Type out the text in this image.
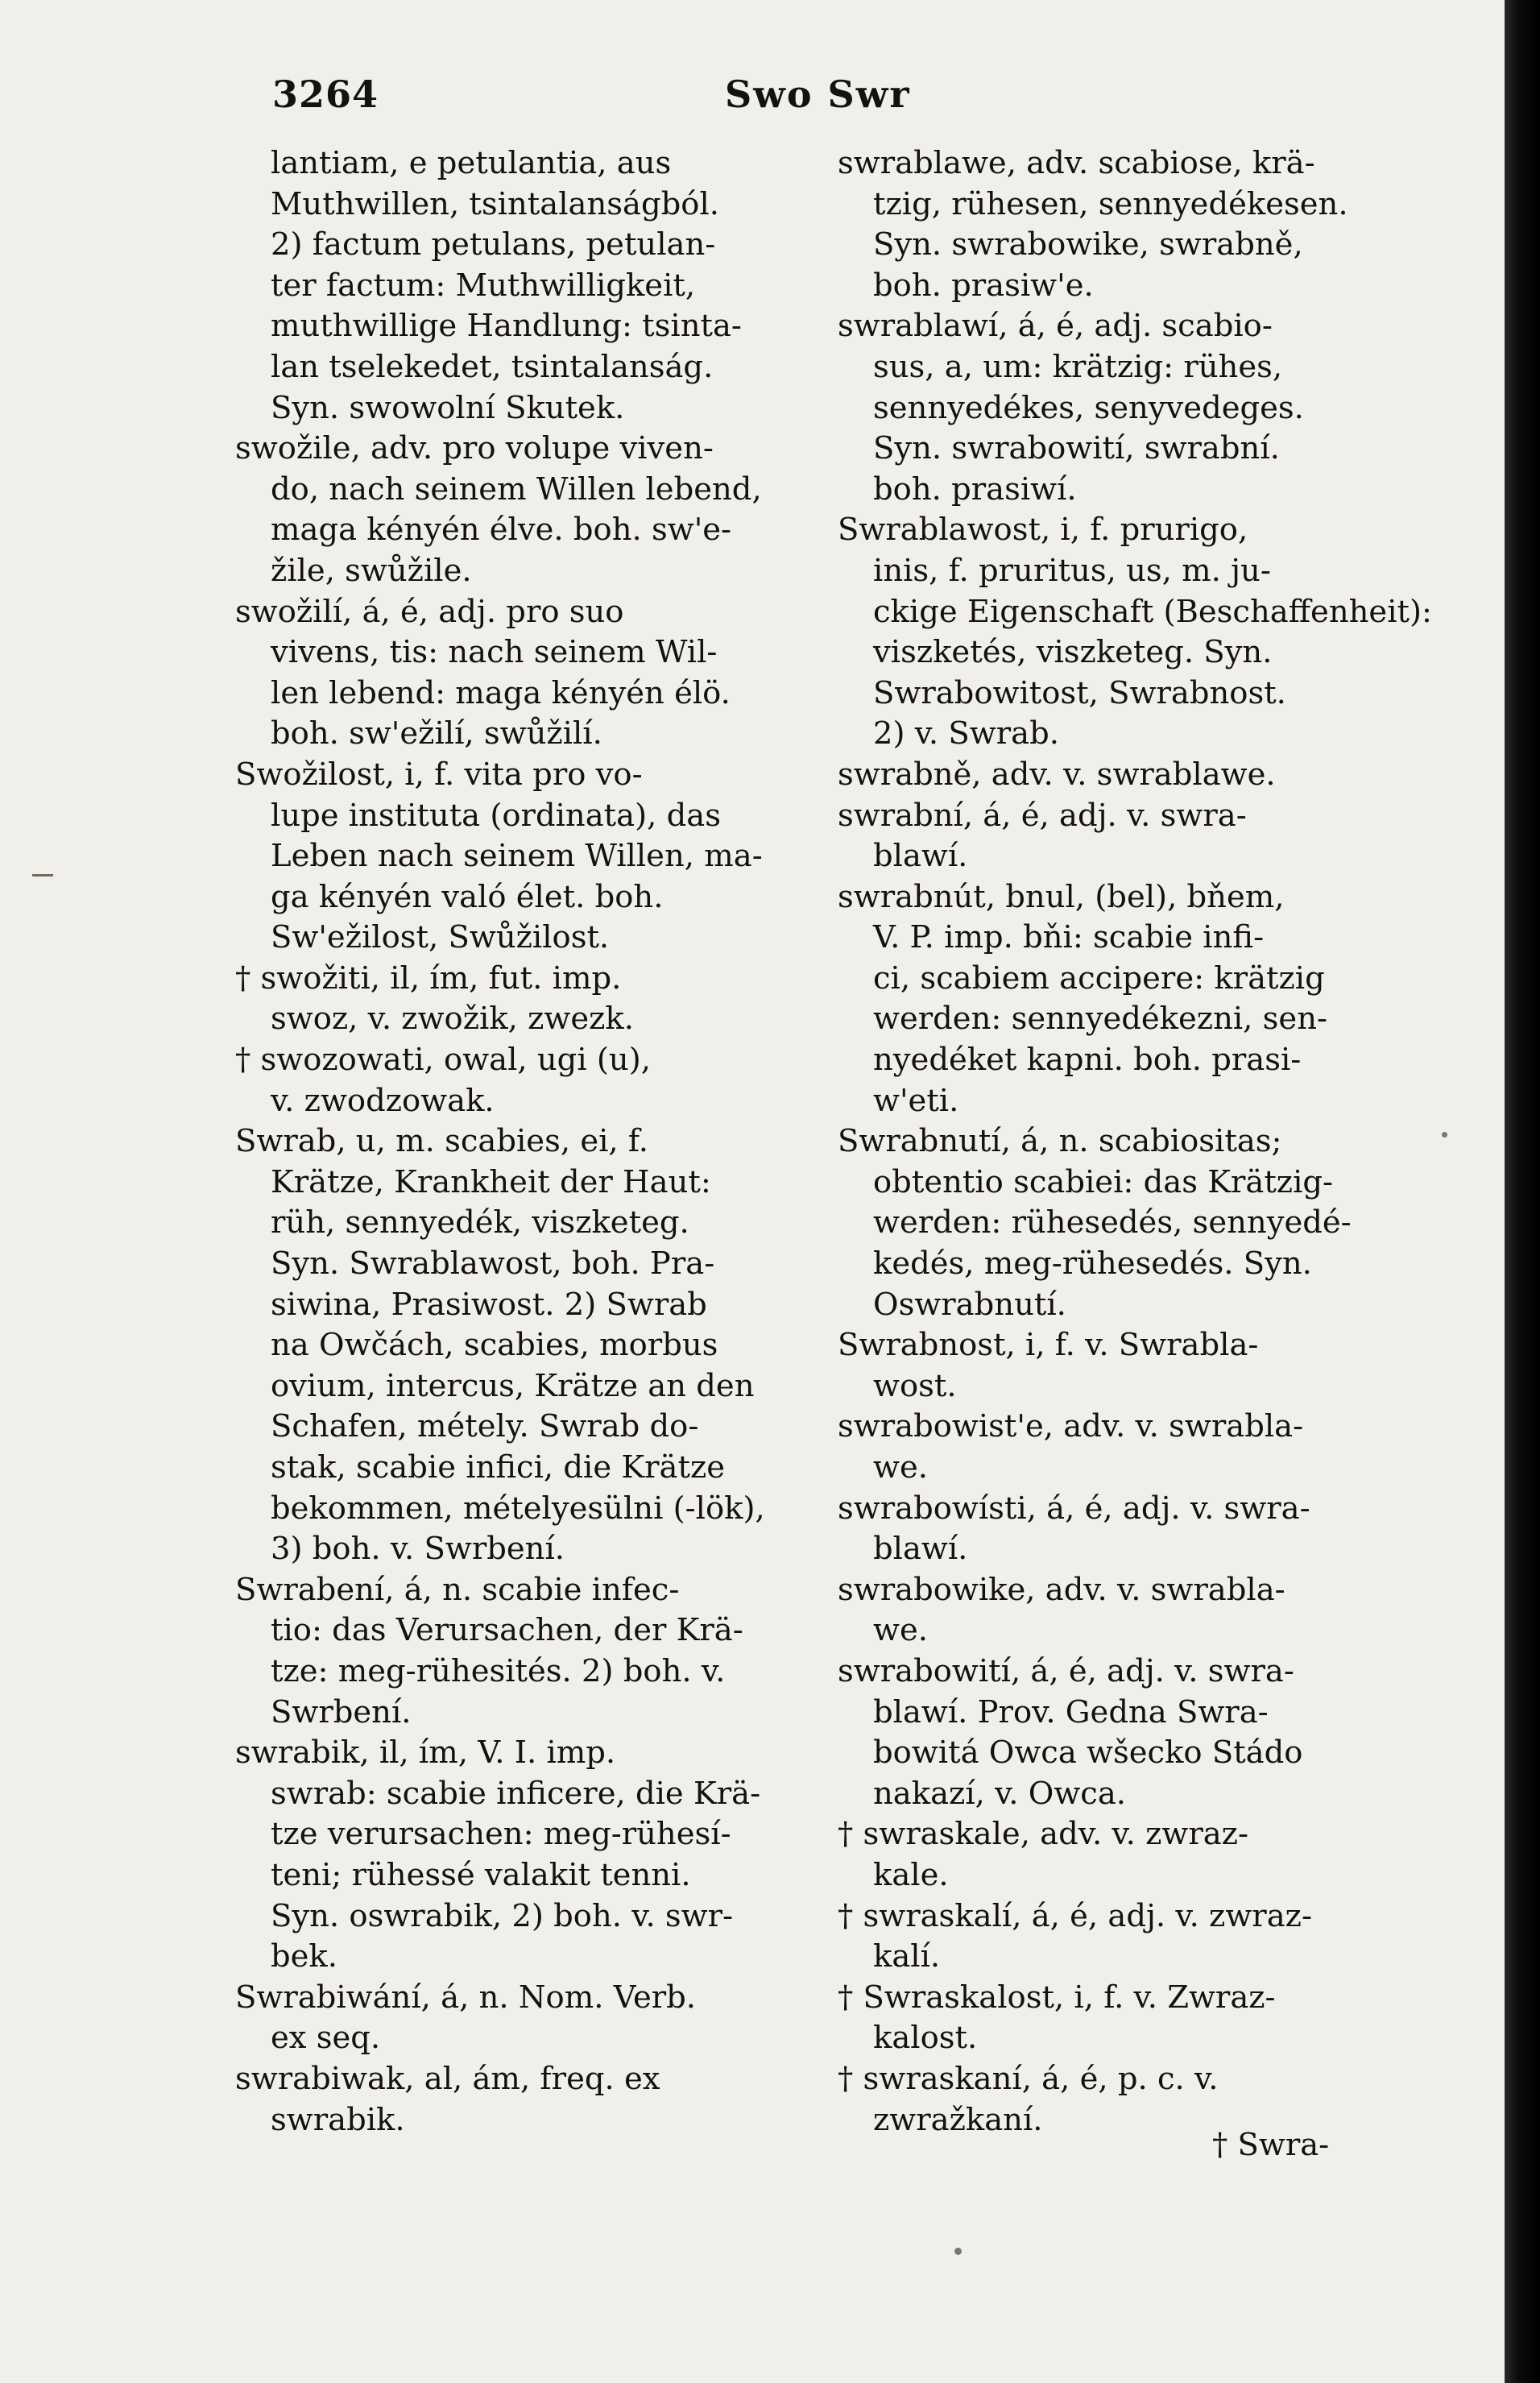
3264	Swo Swr
lantiam, e petulantia, aus
Muthwillen, tsintalanságból.
2) factum petulans, petulan-
ter factum: Muthwilligkeit,
muthwillige Handlung: tsinta-
lan tselekedet, tsintalanság.
Syn. swowolní Skutek.
swožile, adv. pro volupe viven-
do, nach seinem Willen lebend,
maga kényén élve. boh. sw'e-
žile, swůžile.
swožilí, á, é, adj. pro suo
vivens, tis: nach seinem Wil-
len lebend: maga kényén élö.
boh. sw'ežilí, swůžilí.
Swožilost, i, f. vita pro vo-
lupe instituta (ordinata), das
Leben nach seinem Willen, ma-
ga kényén való élet. boh.
Sw'ežilost, Swůžilost.
† swožiti, il, ím, fut. imp.
swoz, v. zwožik, zwezk.
† swozowati, owal, ugi (u),
v. zwodzowak.
Swrab, u, m. scabies, ei, f.
Krätze, Krankheit der Haut:
rüh, sennyedék, viszketeg.
Syn. Swrablawost, boh. Pra-
siwina, Prasiwost. 2) Swrab
na Owčách, scabies, morbus
ovium, intercus, Krätze an den
Schafen, métely. Swrab do-
stak, scabie infici, die Krätze
bekommen, mételyesülni (-lök),
3) boh. v. Swrbení.
Swrabení, á, n. scabie infec-
tio: das Verursachen, der Krä-
tze: meg-rühesités. 2) boh. v.
Swrbení.
swrabik, il, ím, V. I. imp.
swrab: scabie inficere, die Krä-
tze verursachen: meg-rühesí-
teni; rühessé valakit tenni.
Syn. oswrabik, 2) boh. v. swr-
bek.
Swrabiwání, á, n. Nom. Verb.
ex seq.
swrabiwak, al, ám, freq. ex
swrabik.
swrablawe, adv. scabiose, krä-
tzig, rühesen, sennyedékesen.
Syn. swrabowike, swrabně,
boh. prasiw'e.
swrablawí, á, é, adj. scabio-
sus, a, um: krätzig: rühes,
sennyedékes, senyvedeges.
Syn. swrabowití, swrabní.
boh. prasiwí.
Swrablawost, i, f. prurigo,
inis, f. pruritus, us, m. ju-
ckige Eigenschaft (Beschaffenheit):
viszketés, viszketeg. Syn.
Swrabowitost, Swrabnost.
2) v. Swrab.
swrabně, adv. v. swrablawe.
swrabní, á, é, adj. v. swra-
blawí.
swrabnút, bnul, (bel), bňem,
V. P. imp. bňi: scabie infi-
ci, scabiem accipere: krätzig
werden: sennyedékezni, sen-
nyedéket kapni. boh. prasi-
w'eti.
Swrabnutí, á, n. scabiositas;
obtentio scabiei: das Krätzig-
werden: rühesedés, sennyedé-
kedés, meg-rühesedés. Syn.
Oswrabnutí.
Swrabnost, i, f. v. Swrabla-
wost.
swrabowist'e, adv. v. swrabla-
we.
swrabowísti, á, é, adj. v. swra-
blawí.
swrabowike, adv. v. swrabla-
we.
swrabowití, á, é, adj. v. swra-
blawí. Prov. Gedna Swra-
bowitá Owca wšecko Stádo
nakazí, v. Owca.
† swraskale, adv. v. zwraz-
kale.
† swraskalí, á, é, adj. v. zwraz-
kalí.
† Swraskalost, i, f. v. Zwraz-
kalost.
† swraskaní, á, é, p. c. v.
zwražkaní.
† Swra-
